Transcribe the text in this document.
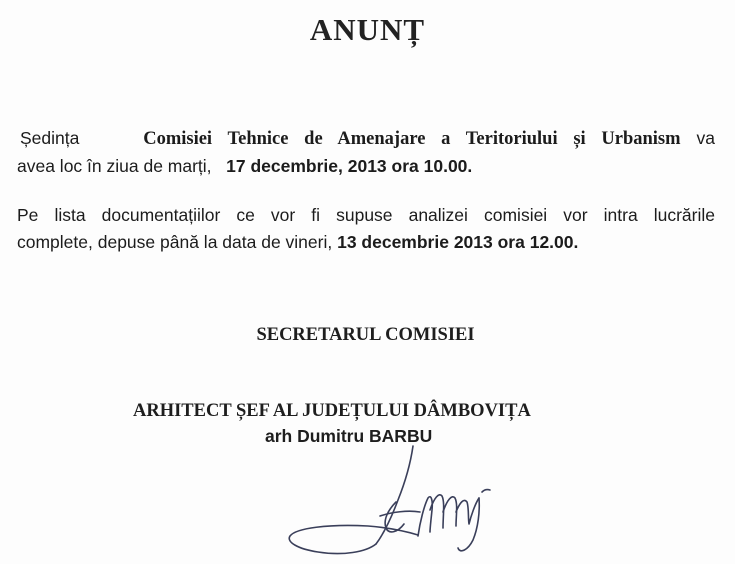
ANUNȚ
Ședința	Comisiei Tehnice de Amenajare a Teritoriului și Urbanism va
avea loc în ziua de marți, 17 decembrie, 2013 ora 10.00.
Pe lista documentațiilor ce vor fi supuse analizei comisiei vor intra lucrările
complete, depuse până la data de vineri, 13 decembrie 2013 ora 12.00.
SECRETARUL COMISIEI
ARHITECT ȘEF AL JUDEȚULUI DÂMBOVIȚA
arh Dumitru BARBU
